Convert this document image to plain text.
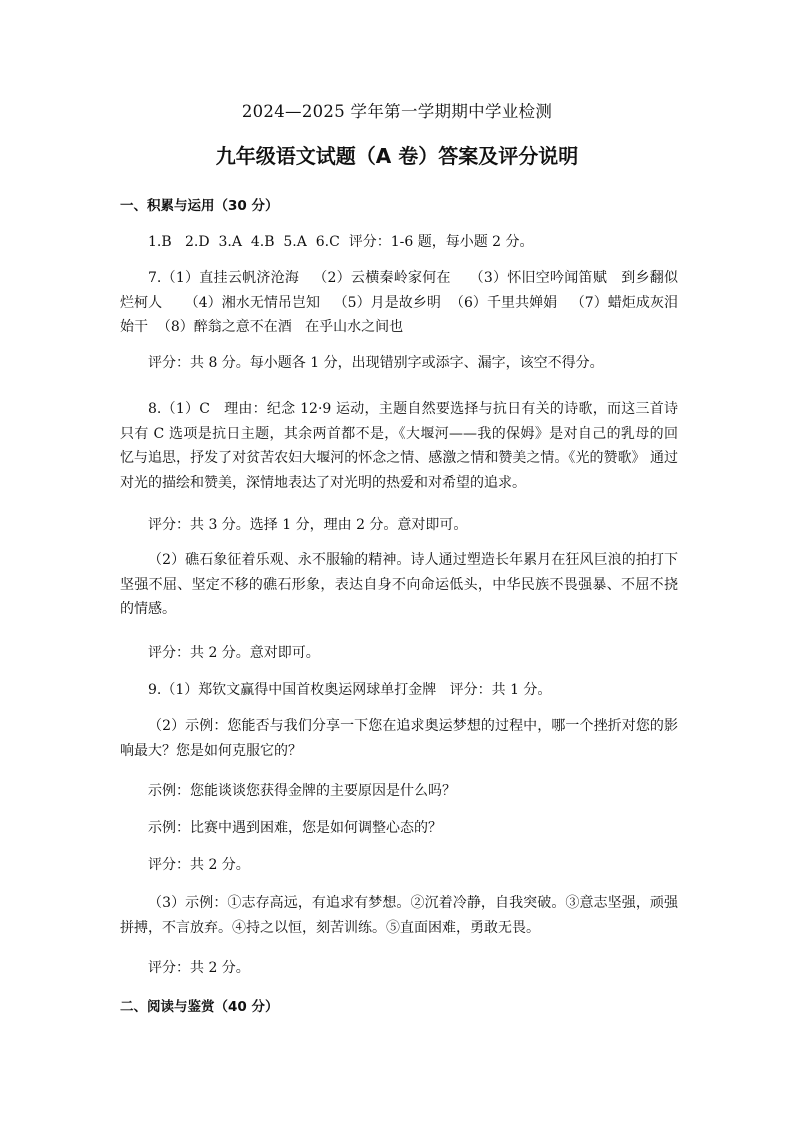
2024—2025 学年第一学期期中学业检测
九年级语文试题（A 卷）答案及评分说明
一、积累与运用（30 分）
1.B   2.D  3.A  4.B  5.A  6.C  评分：1-6 题，每小题 2 分。
7.（1）直挂云帆济沧海   （2）云横秦岭家何在    （3）怀旧空吟闻笛赋   到乡翻似烂柯人     （4）湘水无情吊岂知   （5）月是故乡明  （6）千里共婵娟   （7）蜡炬成灰泪始干  （8）醉翁之意不在酒   在乎山水之间也
评分：共 8 分。每小题各 1 分，出现错别字或添字、漏字，该空不得分。
8.（1）C   理由：纪念 12·9 运动，主题自然要选择与抗日有关的诗歌，而这三首诗只有 C 选项是抗日主题，其余两首都不是，《大堰河——我的保姆》是对自己的乳母的回忆与追思，抒发了对贫苦农妇大堰河的怀念之情、感激之情和赞美之情。《光的赞歌》 通过对光的描绘和赞美，深情地表达了对光明的热爱和对希望的追求。
评分：共 3 分。选择 1 分，理由 2 分。意对即可。
（2）礁石象征着乐观、永不服输的精神。诗人通过塑造长年累月在狂风巨浪的拍打下坚强不屈、坚定不移的礁石形象，表达自身不向命运低头，中华民族不畏强暴、不屈不挠的情感。
评分：共 2 分。意对即可。
9.（1）郑钦文赢得中国首枚奥运网球单打金牌   评分：共 1 分。
（2）示例：您能否与我们分享一下您在追求奥运梦想的过程中，哪一个挫折对您的影响最大？您是如何克服它的？
示例：您能谈谈您获得金牌的主要原因是什么吗？
示例：比赛中遇到困难，您是如何调整心态的？
评分：共 2 分。
（3）示例：①志存高远，有追求有梦想。②沉着冷静，自我突破。③意志坚强，顽强拼搏，不言放弃。④持之以恒，刻苦训练。⑤直面困难，勇敢无畏。
评分：共 2 分。
二、阅读与鉴赏（40 分）
